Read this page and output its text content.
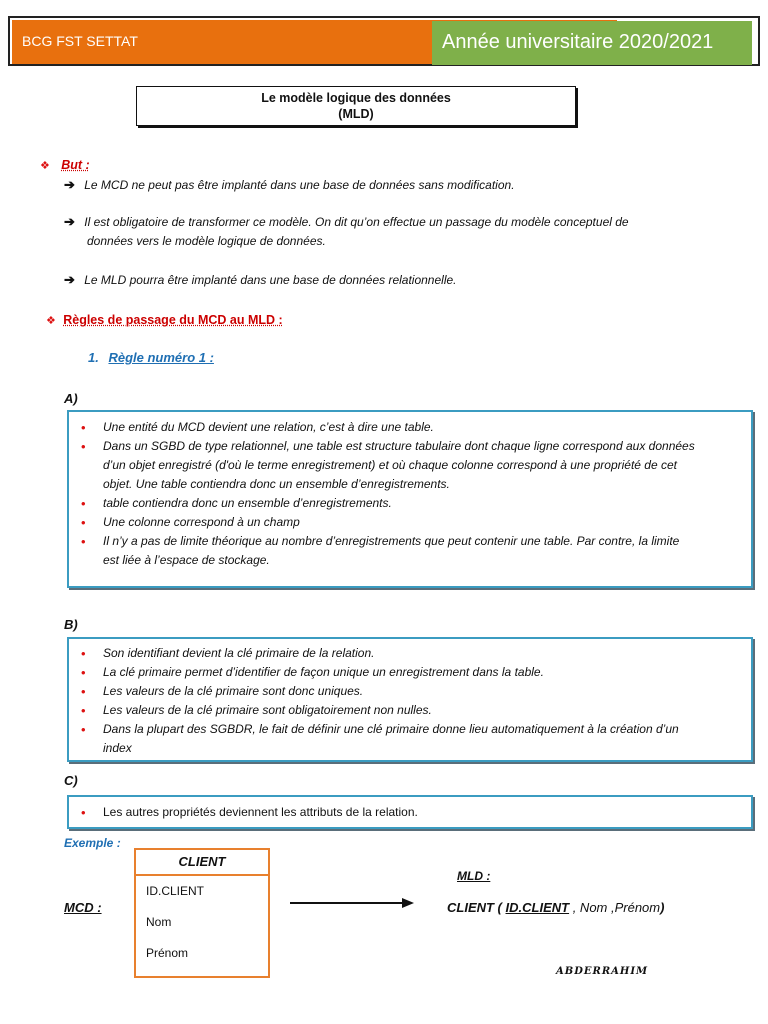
BCG FST SETTAT	Année universitaire 2020/2021
Le modèle logique des données
(MLD)
❖ But :
➔ Le MCD ne peut pas être implanté dans une base de données sans modification.
➔ Il est obligatoire de transformer ce modèle. On dit qu’on effectue un passage du modèle conceptuel de
données vers le modèle logique de données.
➔ Le MLD pourra être implanté dans une base de données relationnelle.
❖ Règles de passage du MCD au MLD :
1. Règle numéro 1 :
A)
• Une entité du MCD devient une relation, c’est à dire une table.
• Dans un SGBD de type relationnel, une table est structure tabulaire dont chaque ligne correspond aux données
d’un objet enregistré (d'où le terme enregistrement) et où chaque colonne correspond à une propriété de cet
objet. Une table contiendra donc un ensemble d’enregistrements.
• table contiendra donc un ensemble d’enregistrements.
• Une colonne correspond à un champ
• Il n’y a pas de limite théorique au nombre d’enregistrements que peut contenir une table. Par contre, la limite
est liée à l’espace de stockage.
B)
• Son identifiant devient la clé primaire de la relation.
• La clé primaire permet d’identifier de façon unique un enregistrement dans la table.
• Les valeurs de la clé primaire sont donc uniques.
• Les valeurs de la clé primaire sont obligatoirement non nulles.
• Dans la plupart des SGBDR, le fait de définir une clé primaire donne lieu automatiquement à la création d’un
index
C)
• Les autres propriétés deviennent les attributs de la relation.
Exemple :
MCD :
CLIENT
ID.CLIENT
Nom
Prénom
MLD :
CLIENT ( ID.CLIENT , Nom ,Prénom)
ABDERRAHIM
